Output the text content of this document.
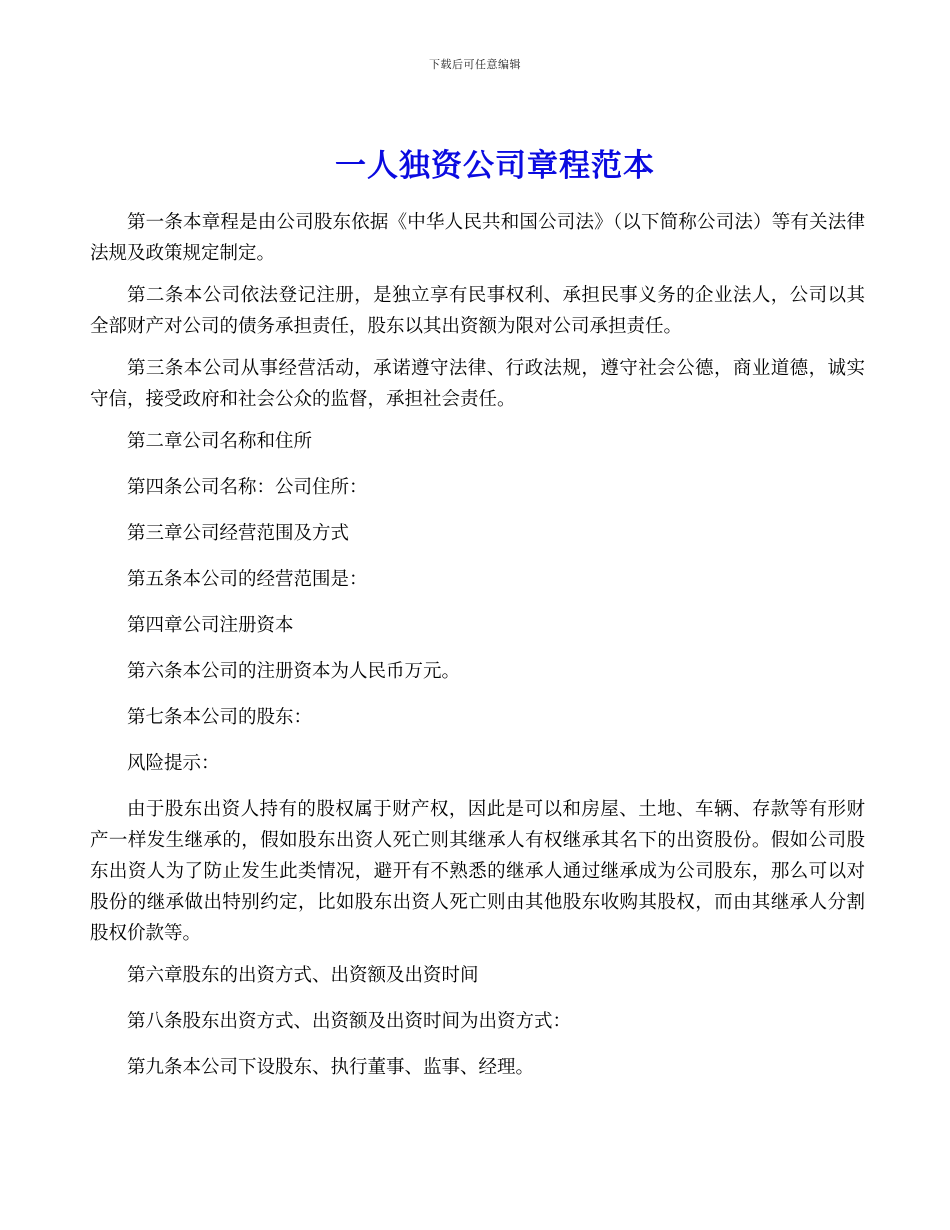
下载后可任意编辑
一人独资公司章程范本

第一条本章程是由公司股东依据《中华人民共和国公司法》（以下简称公司法）等有关法律法规及政策规定制定。

第二条本公司依法登记注册，是独立享有民事权利、承担民事义务的企业法人，公司以其全部财产对公司的债务承担责任，股东以其出资额为限对公司承担责任。

第三条本公司从事经营活动，承诺遵守法律、行政法规，遵守社会公德，商业道德，诚实守信，接受政府和社会公众的监督，承担社会责任。

第二章公司名称和住所

第四条公司名称：公司住所：

第三章公司经营范围及方式

第五条本公司的经营范围是：

第四章公司注册资本

第六条本公司的注册资本为人民币万元。

第七条本公司的股东：

风险提示：

由于股东出资人持有的股权属于财产权，因此是可以和房屋、土地、车辆、存款等有形财产一样发生继承的，假如股东出资人死亡则其继承人有权继承其名下的出资股份。假如公司股东出资人为了防止发生此类情况，避开有不熟悉的继承人通过继承成为公司股东，那么可以对股份的继承做出特别约定，比如股东出资人死亡则由其他股东收购其股权，而由其继承人分割股权价款等。

第六章股东的出资方式、出资额及出资时间

第八条股东出资方式、出资额及出资时间为出资方式：

第九条本公司下设股东、执行董事、监事、经理。
